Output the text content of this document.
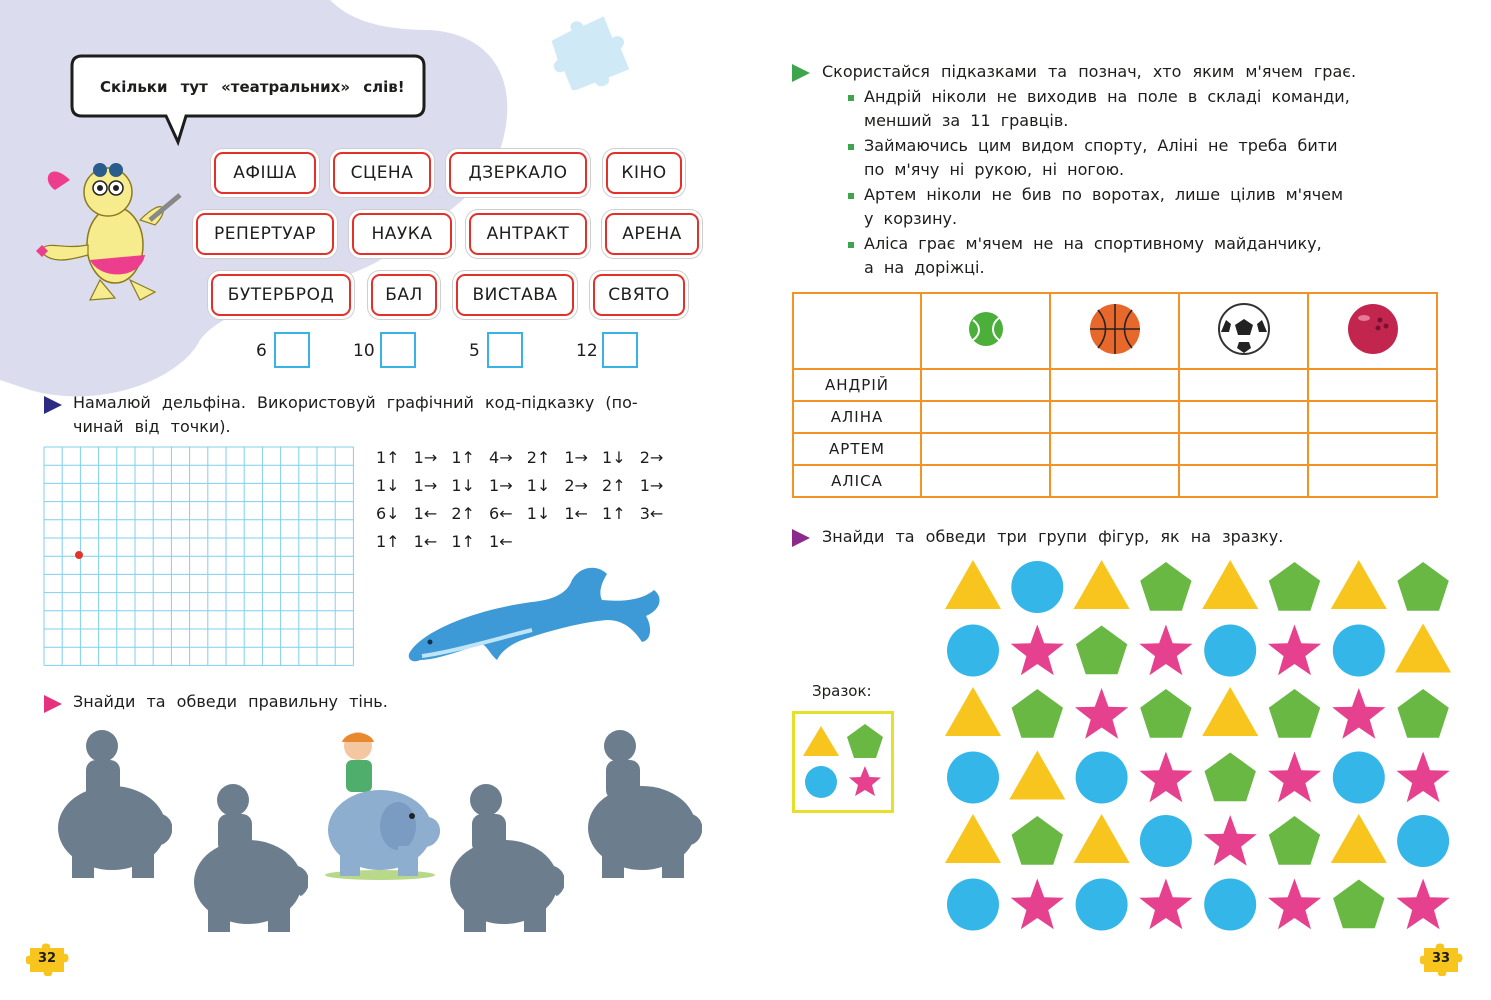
Скільки тут «театральних» слів!
АФІША	СЦЕНА	ДЗЕРКАЛО	КІНО
РЕПЕРТУАР	НАУКА	АНТРАКТ	АРЕНА
БУТЕРБРОД	БАЛ	ВИСТАВА	СВЯТО
6	10	5	12
Намалюй дельфіна. Використовуй графічний код-підказку (по-
чинай від точки).
1↑ 1→ 1↑ 4→ 2↑ 1→ 1↓ 2→
1↓ 1→ 1↓ 1→ 1↓ 2→ 2↑ 1→
6↓ 1← 2↑ 6← 1↓ 1← 1↑ 3←
1↑ 1← 1↑ 1←
Знайди та обведи правильну тінь.
32
Скористайся підказками та познач, хто яким м'ячем грає.
Андрій ніколи не виходив на поле в складі команди,
менший за 11 гравців.
Займаючись цим видом спорту, Аліні не треба бити
по м'ячу ні рукою, ні ногою.
Артем ніколи не бив по воротах, лише цілив м'ячем
у корзину.
Аліса грає м'ячем не на спортивному майданчику,
а на доріжці.

АНДРІЙ				
АЛІНА				
АРТЕМ				
АЛІСА				
Знайди та обведи три групи фігур, як на зразку.
Зразок:
33
